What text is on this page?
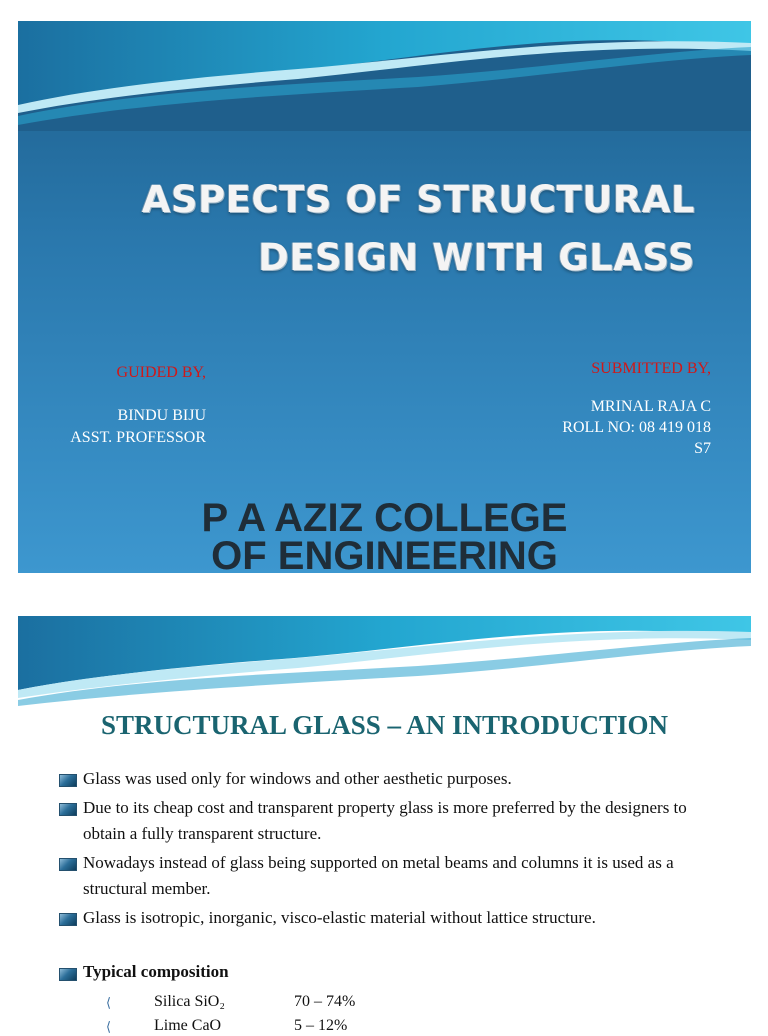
ASPECTS OF STRUCTURAL
DESIGN WITH GLASS
GUIDED BY,
BINDU BIJU
ASST. PROFESSOR
SUBMITTED BY,
MRINAL RAJA C
ROLL NO: 08 419 018
S7
P A AZIZ COLLEGE
OF ENGINEERING
STRUCTURAL GLASS – AN INTRODUCTION
Glass was used only for windows and other aesthetic purposes.
Due to its cheap cost and transparent property glass is more preferred by the designers to obtain a fully transparent structure.
Nowadays instead of glass being supported on metal beams and columns it is used as a structural member.
Glass is isotropic, inorganic, visco-elastic material without lattice structure.
Typical composition
⟨	Silica SiO₂	70 – 74%
⟨	Lime CaO	5 – 12%
